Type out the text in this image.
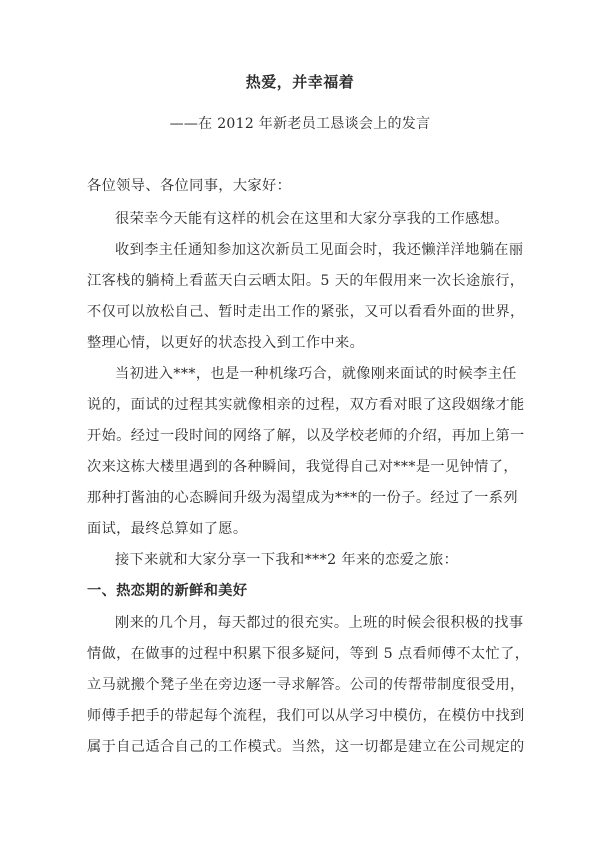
热爱，并幸福着
——在 2012 年新老员工恳谈会上的发言
各位领导、各位同事，大家好：
很荣幸今天能有这样的机会在这里和大家分享我的工作感想。
收到李主任通知参加这次新员工见面会时，我还懒洋洋地躺在丽
江客栈的躺椅上看蓝天白云晒太阳。5 天的年假用来一次长途旅行，
不仅可以放松自己、暂时走出工作的紧张，又可以看看外面的世界，
整理心情，以更好的状态投入到工作中来。
当初进入***，也是一种机缘巧合，就像刚来面试的时候李主任
说的，面试的过程其实就像相亲的过程，双方看对眼了这段姻缘才能
开始。经过一段时间的网络了解，以及学校老师的介绍，再加上第一
次来这栋大楼里遇到的各种瞬间，我觉得自己对***是一见钟情了，
那种打酱油的心态瞬间升级为渴望成为***的一份子。经过了一系列
面试，最终总算如了愿。
接下来就和大家分享一下我和***2 年来的恋爱之旅：
一、热恋期的新鲜和美好
刚来的几个月，每天都过的很充实。上班的时候会很积极的找事
情做，在做事的过程中积累下很多疑问，等到 5 点看师傅不太忙了，
立马就搬个凳子坐在旁边逐一寻求解答。公司的传帮带制度很受用，
师傅手把手的带起每个流程，我们可以从学习中模仿，在模仿中找到
属于自己适合自己的工作模式。当然，这一切都是建立在公司规定的
